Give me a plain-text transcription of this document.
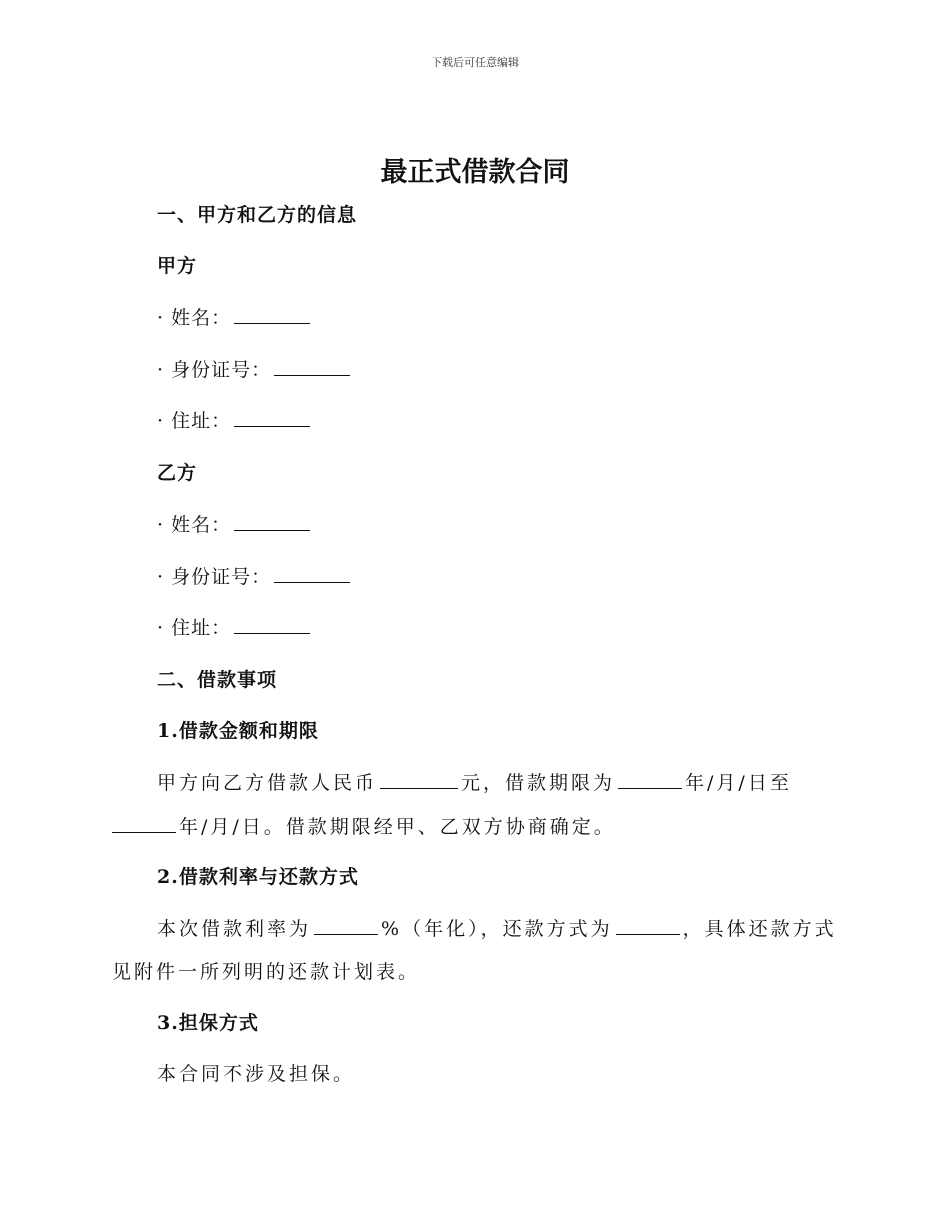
下载后可任意编辑
最正式借款合同
一、甲方和乙方的信息
甲方
· 姓名：
· 身份证号：
· 住址：
乙方
· 姓名：
· 身份证号：
· 住址：
二、借款事项
1.借款金额和期限
甲方向乙方借款人民币	元，借款期限为	年/月/日至
年/月/日。借款期限经甲、乙双方协商确定。
2.借款利率与还款方式
本次借款利率为	%（年化），还款方式为	，具体还款方式
见附件一所列明的还款计划表。
3.担保方式
本合同不涉及担保。
